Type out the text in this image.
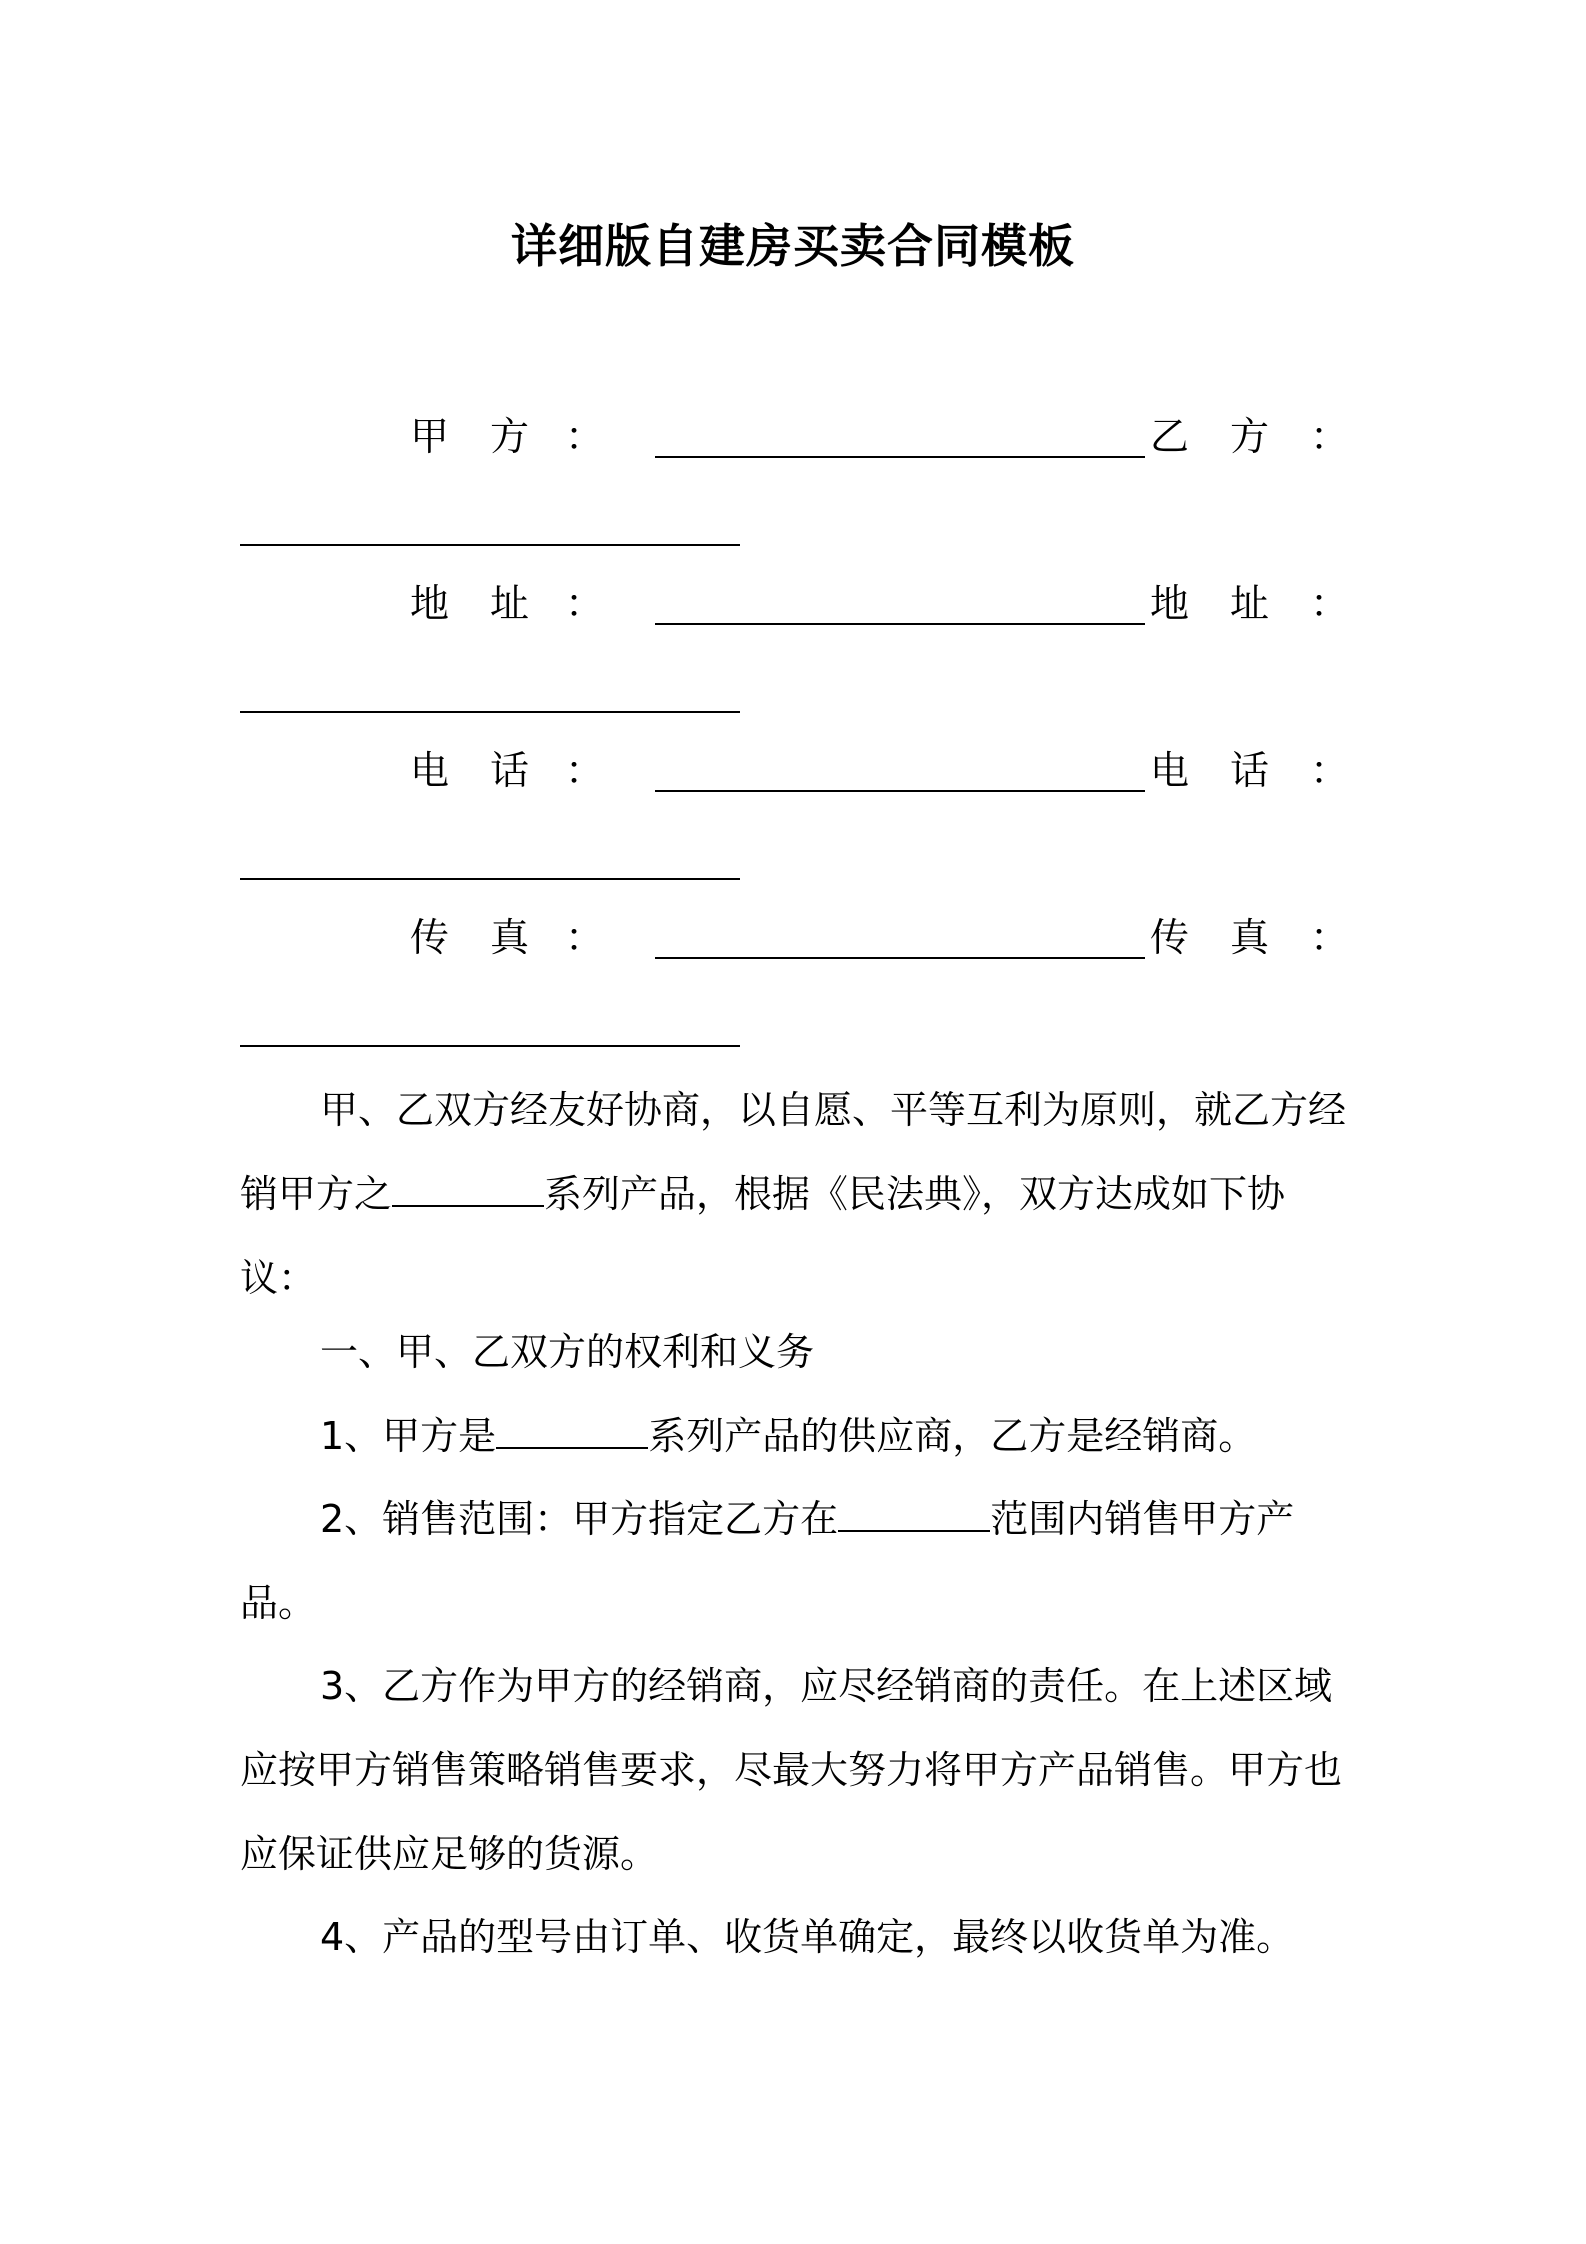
详细版自建房买卖合同模板
甲 方 ：	乙 方 ：
地 址 ：	地 址 ：
电 话 ：	电 话 ：
传 真 ：	传 真 ：
甲、乙双方经友好协商，以自愿、平等互利为原则，就乙方经销甲方之	系列产品，根据《民法典》，双方达成如下协议：
一、甲、乙双方的权利和义务
1、甲方是	系列产品的供应商，乙方是经销商。
2、销售范围：甲方指定乙方在	范围内销售甲方产品。
3、乙方作为甲方的经销商，应尽经销商的责任。在上述区域应按甲方销售策略销售要求，尽最大努力将甲方产品销售。甲方也应保证供应足够的货源。
4、产品的型号由订单、收货单确定，最终以收货单为准。
